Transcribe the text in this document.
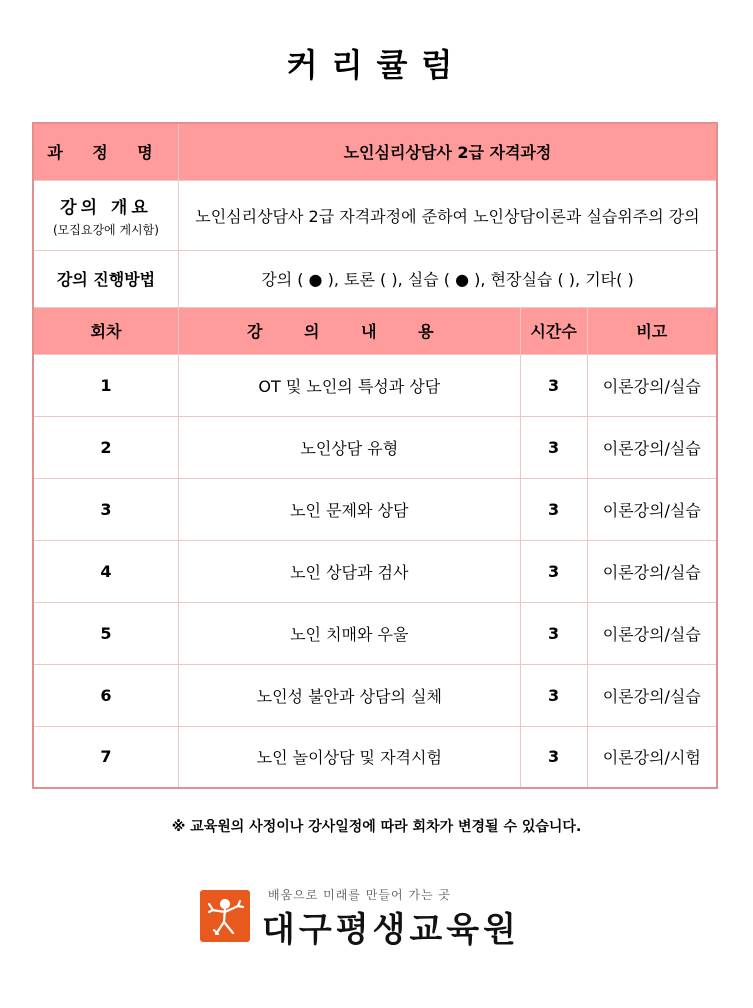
커리큘럼
과 정 명	노인심리상담사 2급 자격과정		

강의 개요
(모집요강에 게시함)	노인심리상담사 2급 자격과정에 준하여 노인상담이론과 실습위주의 강의		
강의 진행방법	강의 ( ● ), 토론 ( ), 실습 ( ● ), 현장실습 ( ), 기타( )		
회차	강 의 내 용	시간수	비고
1	OT 및 노인의 특성과 상담	3	이론강의/실습
2	노인상담 유형	3	이론강의/실습
3	노인 문제와 상담	3	이론강의/실습
4	노인 상담과 검사	3	이론강의/실습
5	노인 치매와 우울	3	이론강의/실습
6	노인성 불안과 상담의 실체	3	이론강의/실습
7	노인 놀이상담 및 자격시험	3	이론강의/시험
※ 교육원의 사정이나 강사일정에 따라 회차가 변경될 수 있습니다.
배움으로 미래를 만들어 가는 곳
대구평생교육원
